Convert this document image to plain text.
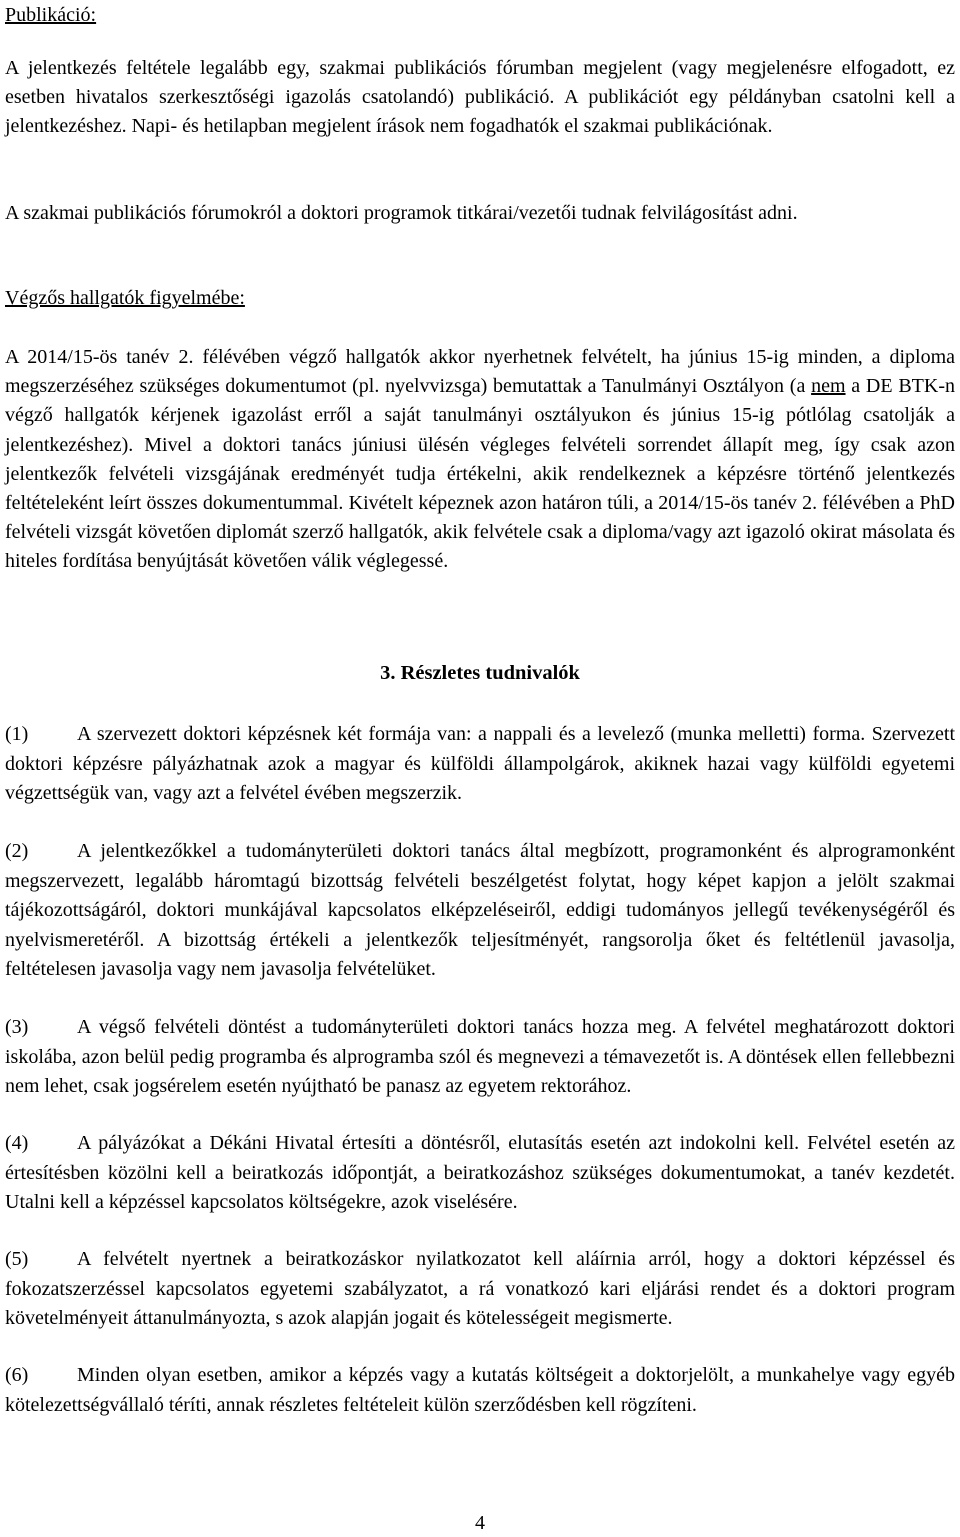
Publikáció:
A jelentkezés feltétele legalább egy, szakmai publikációs fórumban megjelent (vagy megjelenésre elfogadott, ez esetben hivatalos szerkesztőségi igazolás csatolandó) publikáció. A publikációt egy példányban csatolni kell a jelentkezéshez. Napi- és hetilapban megjelent írások nem fogadhatók el szakmai publikációnak.
A szakmai publikációs fórumokról a doktori programok titkárai/vezetői tudnak felvilágosítást adni.
Végzős hallgatók figyelmébe:
A 2014/15-ös tanév 2. félévében végző hallgatók akkor nyerhetnek felvételt, ha június 15-ig minden, a diploma megszerzéséhez szükséges dokumentumot (pl. nyelvvizsga) bemutattak a Tanulmányi Osztályon (a nem a DE BTK-n végző hallgatók kérjenek igazolást erről a saját tanulmányi osztályukon és június 15-ig pótlólag csatolják a jelentkezéshez). Mivel a doktori tanács júniusi ülésén végleges felvételi sorrendet állapít meg, így csak azon jelentkezők felvételi vizsgájának eredményét tudja értékelni, akik rendelkeznek a képzésre történő jelentkezés feltételeként leírt összes dokumentummal. Kivételt képeznek azon határon túli, a 2014/15-ös tanév 2. félévében a PhD felvételi vizsgát követően diplomát szerző hallgatók, akik felvétele csak a diploma/vagy azt igazoló okirat másolata és hiteles fordítása benyújtását követően válik véglegessé.
3. Részletes tudnivalók
(1) A szervezett doktori képzésnek két formája van: a nappali és a levelező (munka melletti) forma. Szervezett doktori képzésre pályázhatnak azok a magyar és külföldi állampolgárok, akiknek hazai vagy külföldi egyetemi végzettségük van, vagy azt a felvétel évében megszerzik.
(2) A jelentkezőkkel a tudományterületi doktori tanács által megbízott, programonként és alprogramonként megszervezett, legalább háromtagú bizottság felvételi beszélgetést folytat, hogy képet kapjon a jelölt szakmai tájékozottságáról, doktori munkájával kapcsolatos elképzeléseiről, eddigi tudományos jellegű tevékenységéről és nyelvismeretéről. A bizottság értékeli a jelentkezők teljesítményét, rangsorolja őket és feltétlenül javasolja, feltételesen javasolja vagy nem javasolja felvételüket.
(3) A végső felvételi döntést a tudományterületi doktori tanács hozza meg. A felvétel meghatározott doktori iskolába, azon belül pedig programba és alprogramba szól és megnevezi a témavezetőt is. A döntések ellen fellebbezni nem lehet, csak jogsérelem esetén nyújtható be panasz az egyetem rektorához.
(4) A pályázókat a Dékáni Hivatal értesíti a döntésről, elutasítás esetén azt indokolni kell. Felvétel esetén az értesítésben közölni kell a beiratkozás időpontját, a beiratkozáshoz szükséges dokumentumokat, a tanév kezdetét. Utalni kell a képzéssel kapcsolatos költségekre, azok viselésére.
(5) A felvételt nyertnek a beiratkozáskor nyilatkozatot kell aláírnia arról, hogy a doktori képzéssel és fokozatszerzéssel kapcsolatos egyetemi szabályzatot, a rá vonatkozó kari eljárási rendet és a doktori program követelményeit áttanulmányozta, s azok alapján jogait és kötelességeit megismerte.
(6) Minden olyan esetben, amikor a képzés vagy a kutatás költségeit a doktorjelölt, a munkahelye vagy egyéb kötelezettségvállaló téríti, annak részletes feltételeit külön szerződésben kell rögzíteni.
4
